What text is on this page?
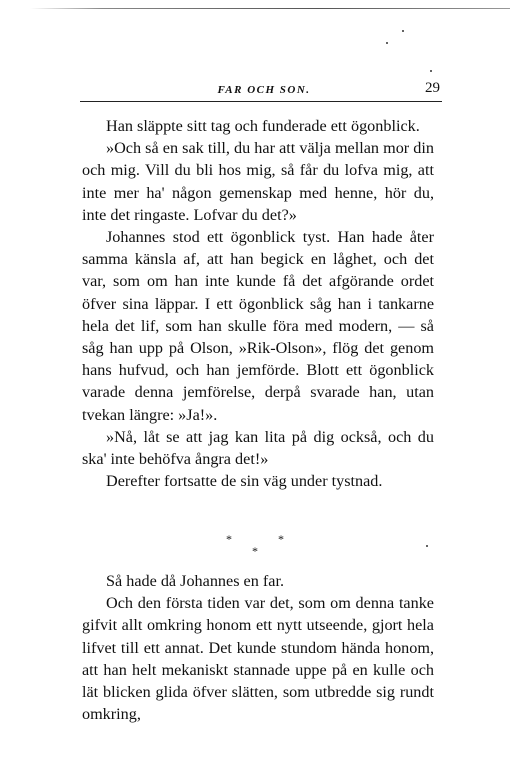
FAR OCH SON.	29

Han släppte sitt tag och funderade ett ögonblick.

»Och så en sak till, du har att välja mellan mor din och mig. Vill du bli hos mig, så får du lofva mig, att inte mer ha' någon gemenskap med henne, hör du, inte det ringaste. Lofvar du det?»

Johannes stod ett ögonblick tyst. Han hade åter samma känsla af, att han begick en låghet, och det var, som om han inte kunde få det afgörande ordet öfver sina läppar. I ett ögonblick såg han i tankarne hela det lif, som han skulle föra med modern, — så såg han upp på Olson, »Rik-Olson», flög det genom hans hufvud, och han jemförde. Blott ett ögonblick varade denna jemförelse, derpå svarade han, utan tvekan längre: »Ja!».

»Nå, låt se att jag kan lita på dig också, och du ska' inte behöfva ångra det!»

Derefter fortsatte de sin väg under tystnad.

*	*
*

Så hade då Johannes en far.

Och den första tiden var det, som om denna tanke gifvit allt omkring honom ett nytt utseende, gjort hela lifvet till ett annat. Det kunde stundom hända honom, att han helt mekaniskt stannade uppe på en kulle och lät blicken glida öfver slätten, som utbredde sig rundt omkring,
